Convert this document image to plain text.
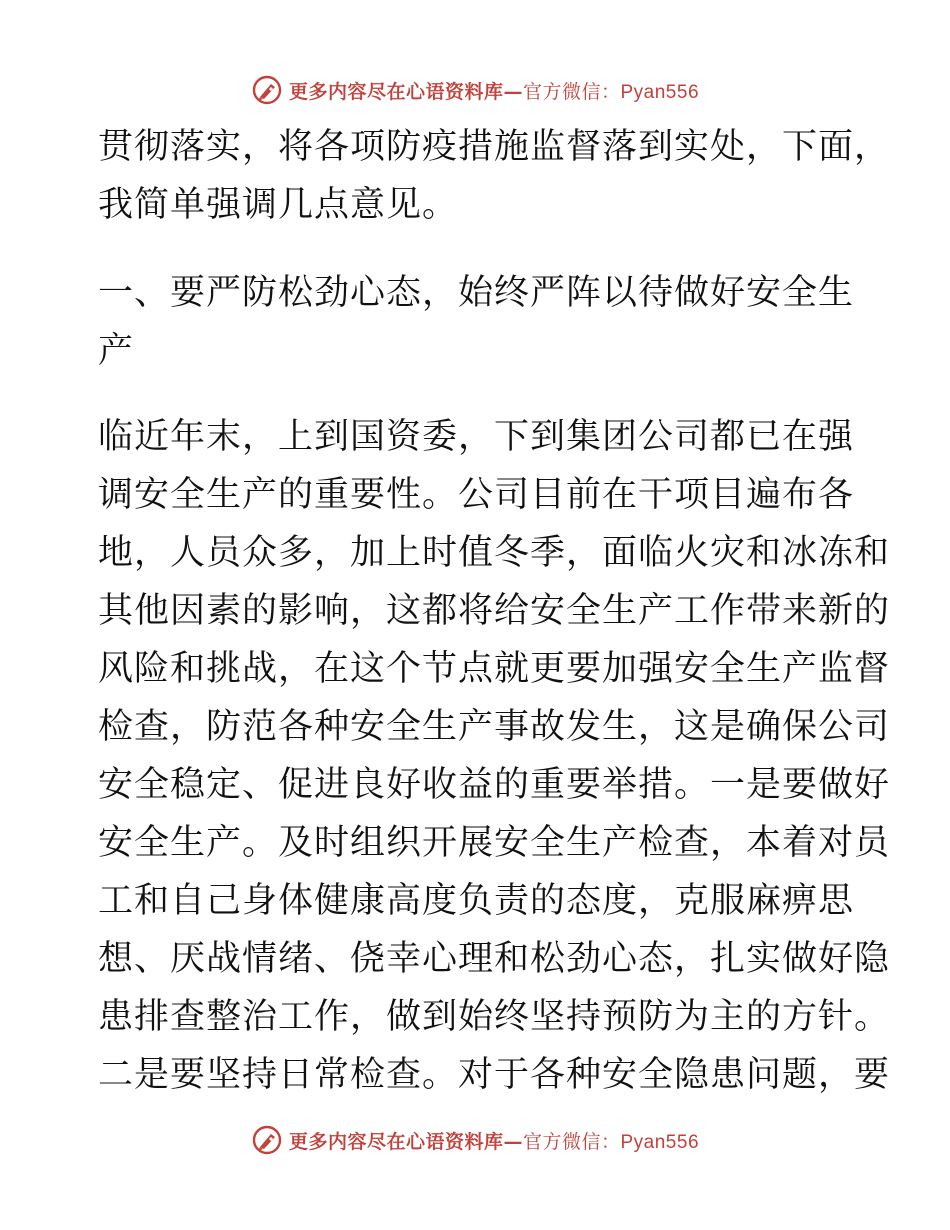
更多内容尽在心语资料库—官方微信：Pyan556
贯彻落实，将各项防疫措施监督落到实处，下面，
我简单强调几点意见。
一、要严防松劲心态，始终严阵以待做好安全生
产
临近年末，上到国资委，下到集团公司都已在强
调安全生产的重要性。公司目前在干项目遍布各
地，人员众多，加上时值冬季，面临火灾和冰冻和
其他因素的影响，这都将给安全生产工作带来新的
风险和挑战，在这个节点就更要加强安全生产监督
检查，防范各种安全生产事故发生，这是确保公司
安全稳定、促进良好收益的重要举措。一是要做好
安全生产。及时组织开展安全生产检查，本着对员
工和自己身体健康高度负责的态度，克服麻痹思
想、厌战情绪、侥幸心理和松劲心态，扎实做好隐
患排查整治工作，做到始终坚持预防为主的方针。
二是要坚持日常检查。对于各种安全隐患问题，要
更多内容尽在心语资料库—官方微信：Pyan556
